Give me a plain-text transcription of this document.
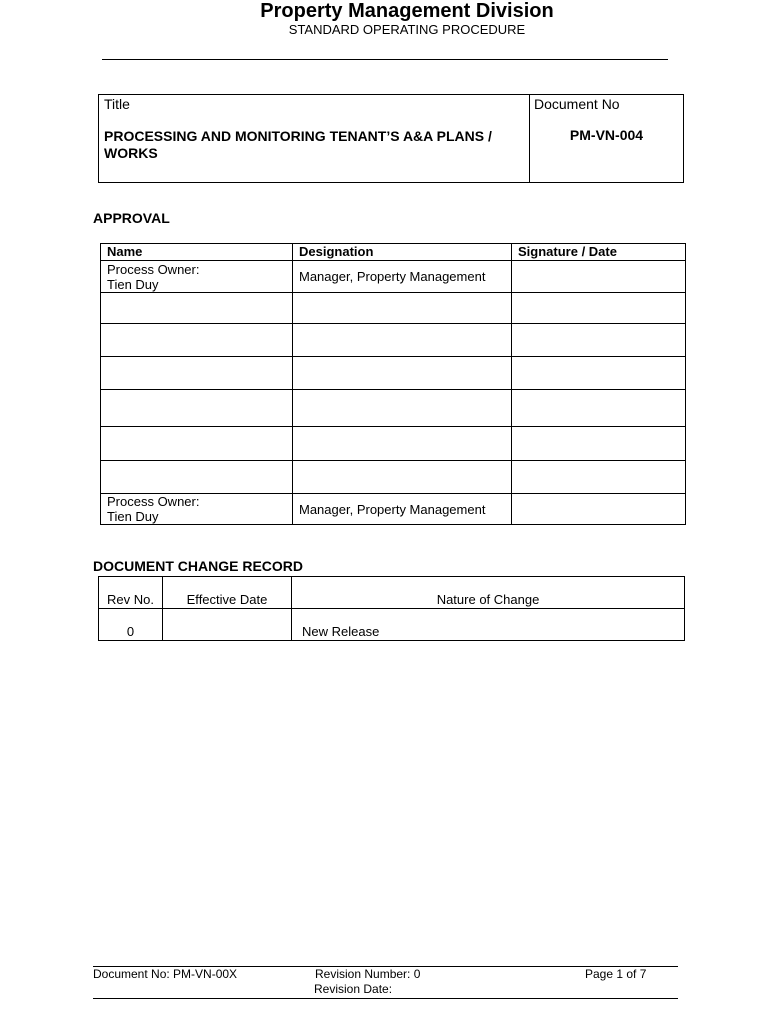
Property Management Division
STANDARD OPERATING PROCEDURE
Title
PROCESSING AND MONITORING TENANT’S A&A PLANS / WORKS

Document No
PM-VN-004
APPROVAL
Name	Designation	Signature / Date

Process Owner:
Tien Duy	Manager, Property Management	

Process Owner:
Tien Duy	Manager, Property Management	
DOCUMENT CHANGE RECORD
Rev No.	Effective Date	Nature of Change
0		New Release
Document No: PM-VN-00X	Revision Number: 0
Revision Date:
Page 1 of 7
